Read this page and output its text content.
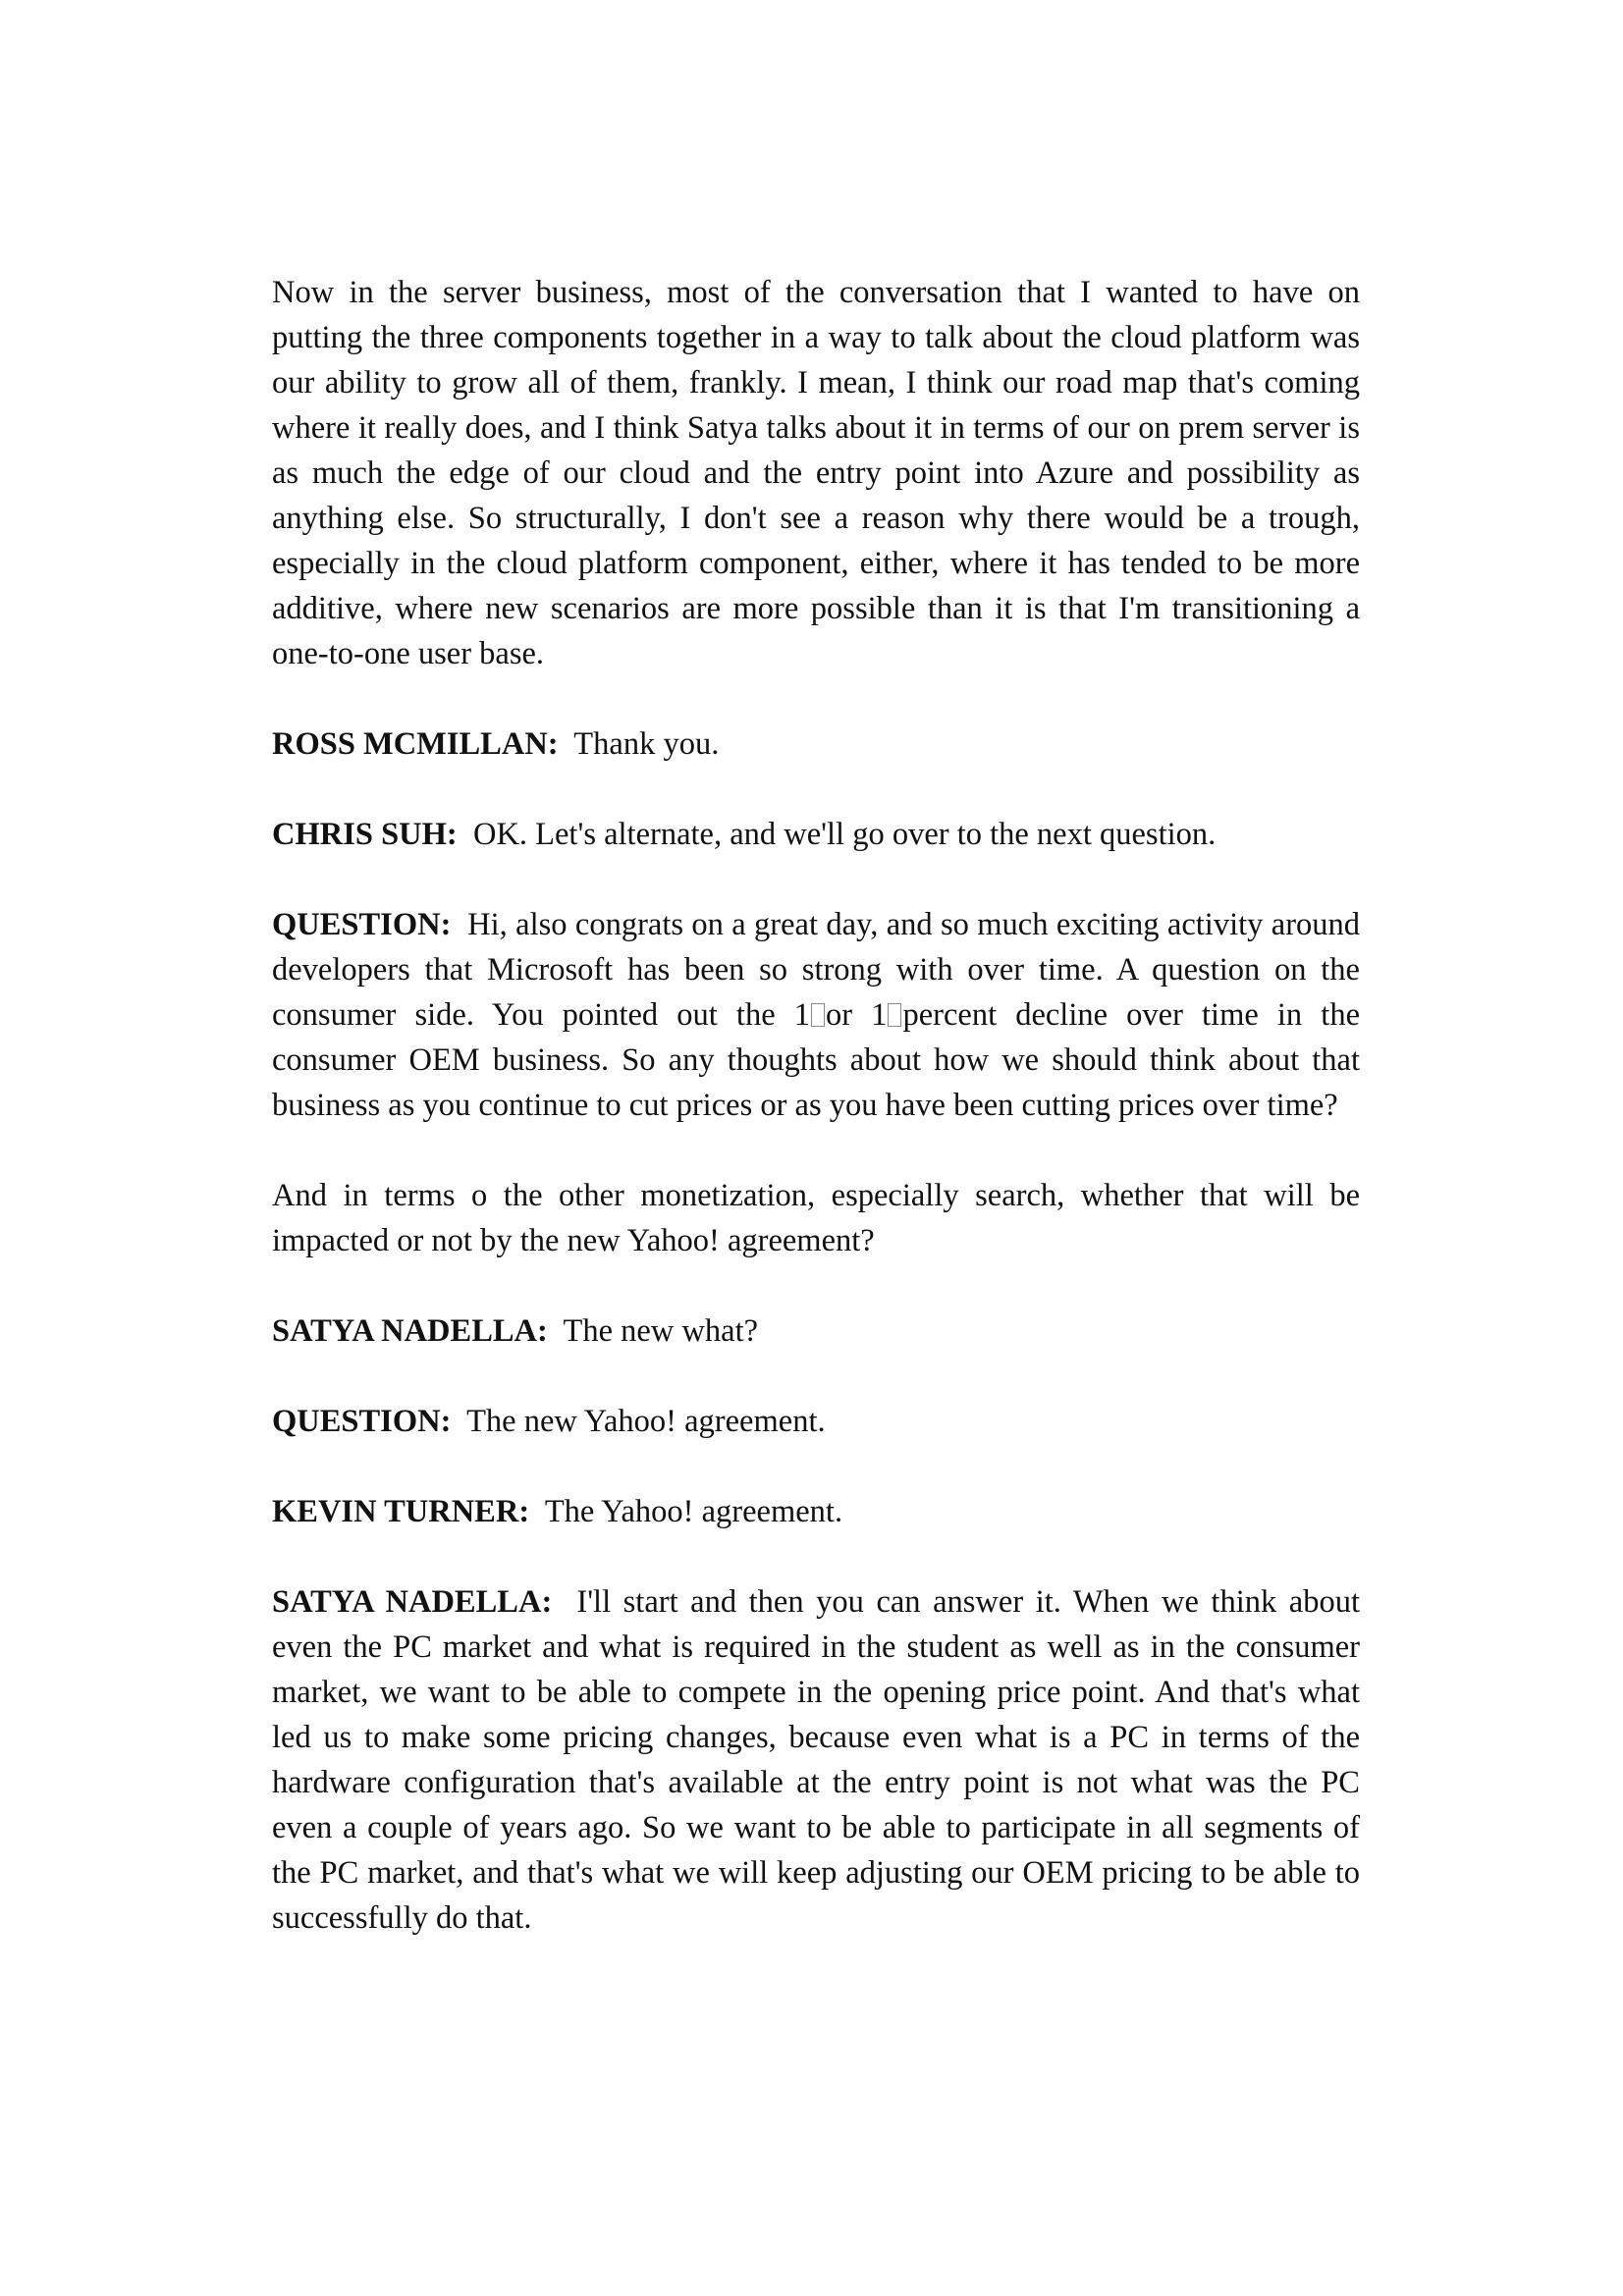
Now in the server business, most of the conversation that I wanted to have on putting the three components together in a way to talk about the cloud platform was our ability to grow all of them, frankly. I mean, I think our road map that's coming where it really does, and I think Satya talks about it in terms of our on prem server is as much the edge of our cloud and the entry point into Azure and possibility as anything else. So structurally, I don't see a reason why there would be a trough, especially in the cloud platform component, either, where it has tended to be more additive, where new scenarios are more possible than it is that I'm transitioning a one-to-one user base.

ROSS MCMILLAN: Thank you.

CHRIS SUH: OK. Let's alternate, and we'll go over to the next question.

QUESTION: Hi, also congrats on a great day, and so much exciting activity around developers that Microsoft has been so strong with over time. A question on the consumer side. You pointed out the 1 or 1 percent decline over time in the consumer OEM business. So any thoughts about how we should think about that business as you continue to cut prices or as you have been cutting prices over time?

And in terms o the other monetization, especially search, whether that will be impacted or not by the new Yahoo! agreement?

SATYA NADELLA: The new what?

QUESTION: The new Yahoo! agreement.

KEVIN TURNER: The Yahoo! agreement.

SATYA NADELLA: I'll start and then you can answer it. When we think about even the PC market and what is required in the student as well as in the consumer market, we want to be able to compete in the opening price point. And that's what led us to make some pricing changes, because even what is a PC in terms of the hardware configuration that's available at the entry point is not what was the PC even a couple of years ago. So we want to be able to participate in all segments of the PC market, and that's what we will keep adjusting our OEM pricing to be able to successfully do that.
